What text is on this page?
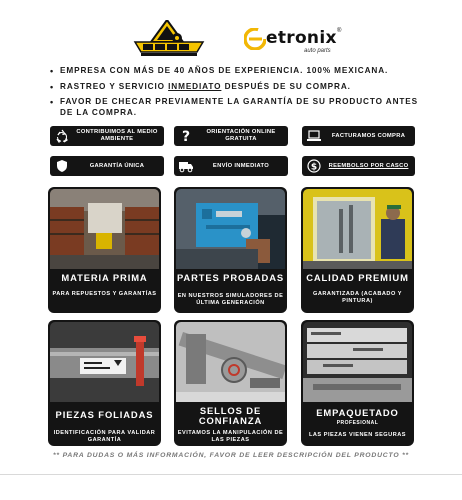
etronix ®
auto parts
• EMPRESA CON MÁS DE 40 AÑOS DE EXPERIENCIA. 100% MEXICANA.
• RASTREO Y SERVICIO INMEDIATO DESPUÉS DE SU COMPRA.
• FAVOR DE CHECAR PREVIAMENTE LA GARANTÍA DE SU PRODUCTO ANTES DE LA COMPRA.
CONTRIBUIMOS AL MEDIO AMBIENTE	?	ORIENTACIÓN ONLINE GRATUITA
FACTURAMOS COMPRA
GARANTÍA ÚNICA	ENVÍO INMEDIATO	$	REEMBOLSO POR CASCO
MATERIA PRIMA
PARA REPUESTOS Y GARANTÍAS
PARTES PROBADAS
EN NUESTROS SIMULADORES DE ÚLTIMA GENERACIÓN
CALIDAD PREMIUM
GARANTIZADA (ACABADO Y PINTURA)
PIEZAS FOLIADAS
IDENTIFICACIÓN PARA VALIDAR GARANTÍA
SELLOS DE CONFIANZA
EVITAMOS LA MANIPULACIÓN DE LAS PIEZAS
EMPAQUETADO
PROFESIONAL
LAS PIEZAS VIENEN SEGURAS
** PARA DUDAS O MÁS INFORMACIÓN, FAVOR DE LEER DESCRIPCIÓN DEL PRODUCTO **
